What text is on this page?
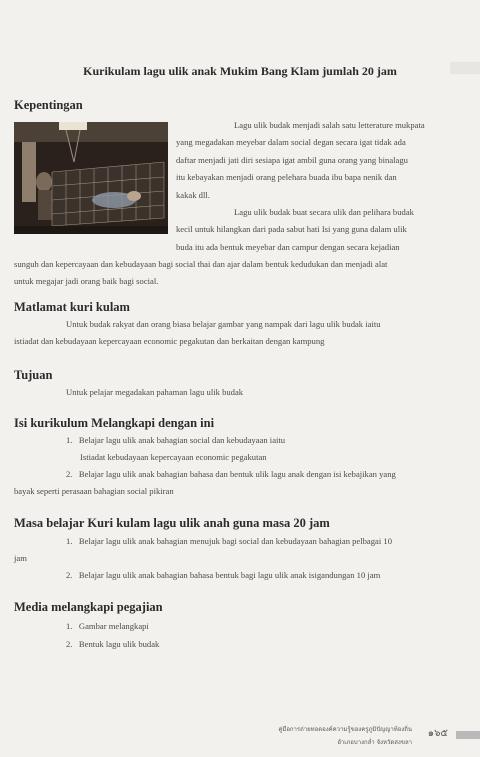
Kurikulam lagu ulik anak Mukim Bang Klam jumlah 20 jam
Kepentingan
Lagu ulik budak menjadi salah satu letterature mukpata
yang megadakan meyebar dalam social degan secara igat tidak ada
daftar menjadi jati diri sesiapa igat ambil guna orang yang binalagu
itu kebayakan menjadi orang pelehara buada ibu bapa nenik dan
kakak dll.
Lagu ulik budak buat secara ulik dan pelihara budak
kecil untuk hilangkan dari pada sabut hati Isi yang guna dalam ulik
buda itu ada bentuk meyebar dan campur dengan secara kejadian
sunguh dan kepercayaan dan kebudayaan bagi social thai dan ajar dalam bentuk kedudukan dan menjadi alat
untuk megajar jadi orang baik bagi social.
Matlamat kuri kulam
Untuk budak rakyat dan orang biasa belajar gambar yang nampak dari lagu ulik budak iaitu
istiadat dan kebudayaan kepercayaan economic pegakutan dan berkaitan dengan kampung
Tujuan
Untuk pelajar megadakan pahaman lagu ulik budak
Isi kurikulum Melangkapi dengan ini
1. Belajar lagu ulik anak bahagian social dan kebudayaan iaitu
Istiadat kebudayaan kepercayaan economic pegakutan
2. Belajar lagu ulik anak bahagian bahasa dan bentuk ulik lagu anak dengan isi kebajikan yang
bayak seperti perasaan bahagian social pikiran
Masa belajar Kuri kulam lagu ulik anah guna masa 20 jam
1. Belajar lagu ulik anak bahagian menujuk bagi social dan kebudayaan bahagian pelbagai 10
jam
2. Belajar lagu ulik anak bahagian bahasa bentuk bagi lagu ulik anak isigandungan 10 jam
Media melangkapi pegajian
1. Gambar melangkapi
2. Bentuk lagu ulik budak
คู่มือการถ่ายทอดองค์ความรู้ของครูภูมิปัญญาท้องถิ่น
อำเภอบางกล่ำ จังหวัดสงขลา
๑๖๕
